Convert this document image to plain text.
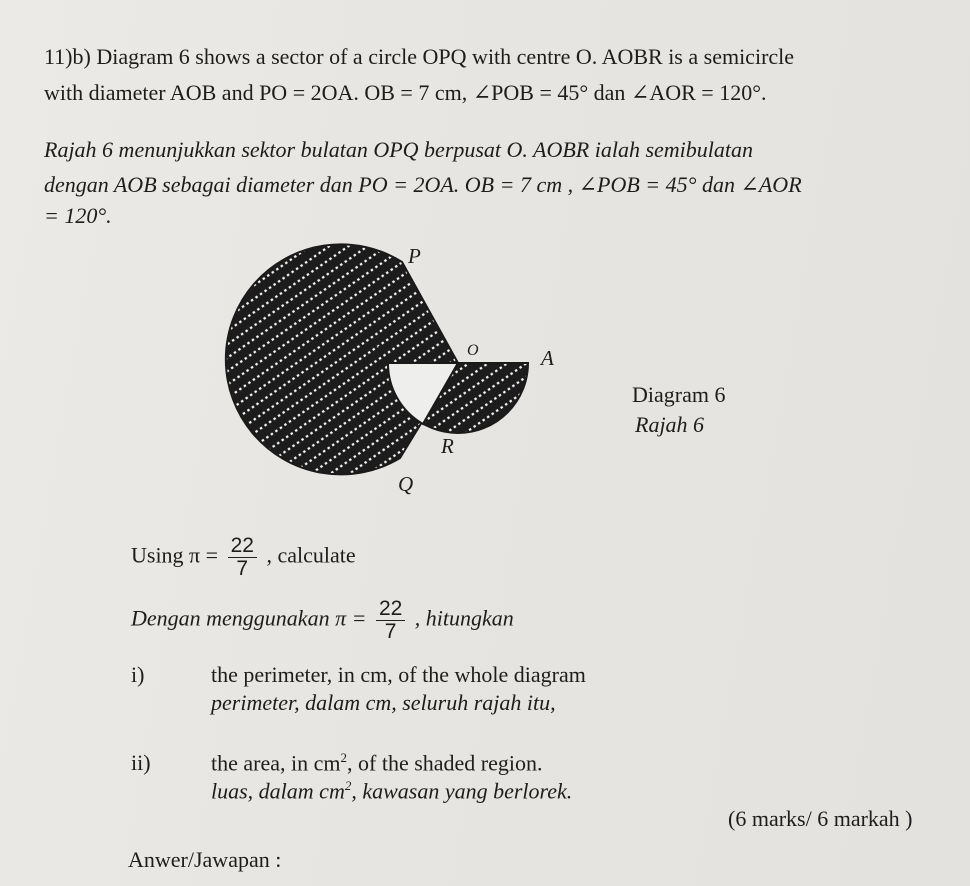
11)b) Diagram 6 shows a sector of a circle OPQ with centre O. AOBR is a semicircle
with diameter AOB and PO = 2OA. OB = 7 cm, ∠POB = 45° dan ∠AOR = 120°.
Rajah 6 menunjukkan sektor bulatan OPQ berpusat O. AOBR ialah semibulatan
dengan AOB sebagai diameter dan PO = 2OA. OB = 7 cm , ∠POB = 45° dan ∠AOR
= 120°.
P
O	A
B
R
Q
Diagram 6
Rajah 6
Using $\pi = \frac{22}{7}$ , calculate
Dengan menggunakan $\pi = \frac{22}{7}$ , hitungkan
i)	the perimeter, in cm, of the whole diagram
perimeter, dalam cm, seluruh rajah itu,
ii)	the area, in $cm^2$, of the shaded region.
luas, dalam $cm^2$, kawasan yang berlorek.
(6 marks/ 6 markah )
Anwer/Jawapan :
